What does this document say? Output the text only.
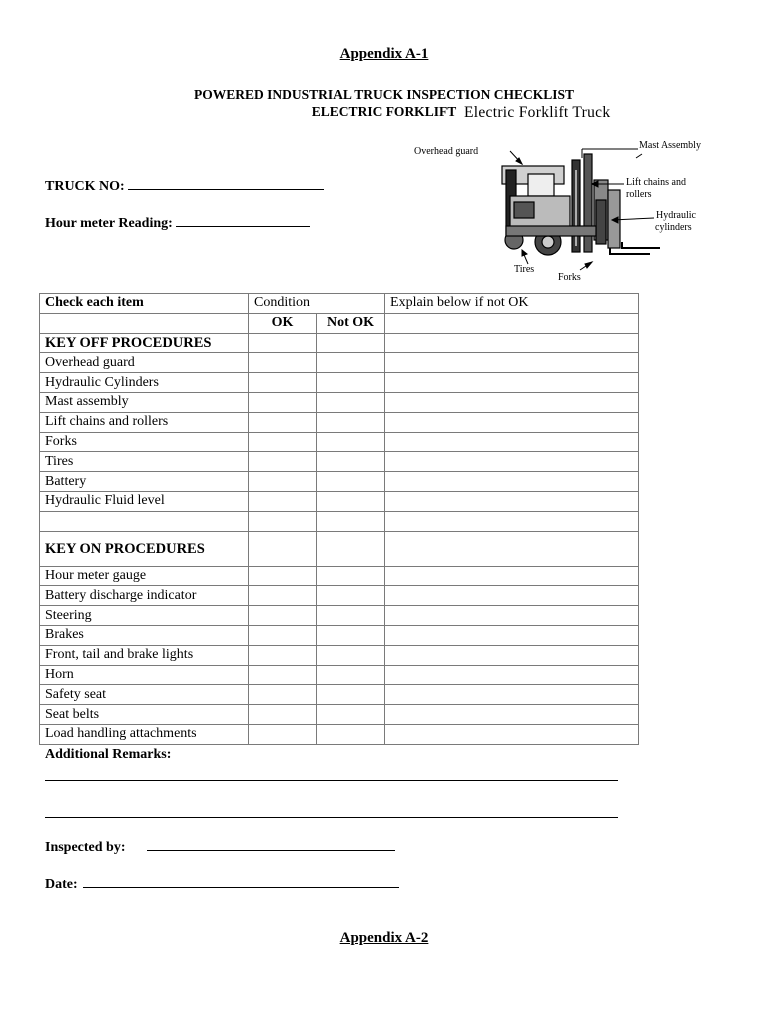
Appendix A-1
POWERED INDUSTRIAL TRUCK INSPECTION CHECKLIST
ELECTRIC FORKLIFT Electric Forklift Truck
Overhead guard
Mast Assembly
Lift chains and
rollers
Hydraulic
cylinders
Tires
Forks
TRUCK NO:
Hour meter Reading:
Check each item	Condition		Explain below if not OK
	OK	Not OK	
KEY OFF PROCEDURES			
Overhead guard			
Hydraulic Cylinders			
Mast assembly			
Lift chains and rollers			
Forks			
Tires			
Battery			
Hydraulic Fluid level			

KEY ON PROCEDURES			
Hour meter gauge			
Battery discharge indicator			
Steering			
Brakes			
Front, tail and brake lights			
Horn			
Safety seat			
Seat belts			
Load handling attachments			
Additional Remarks:
Inspected by:
Date:
Appendix A-2
